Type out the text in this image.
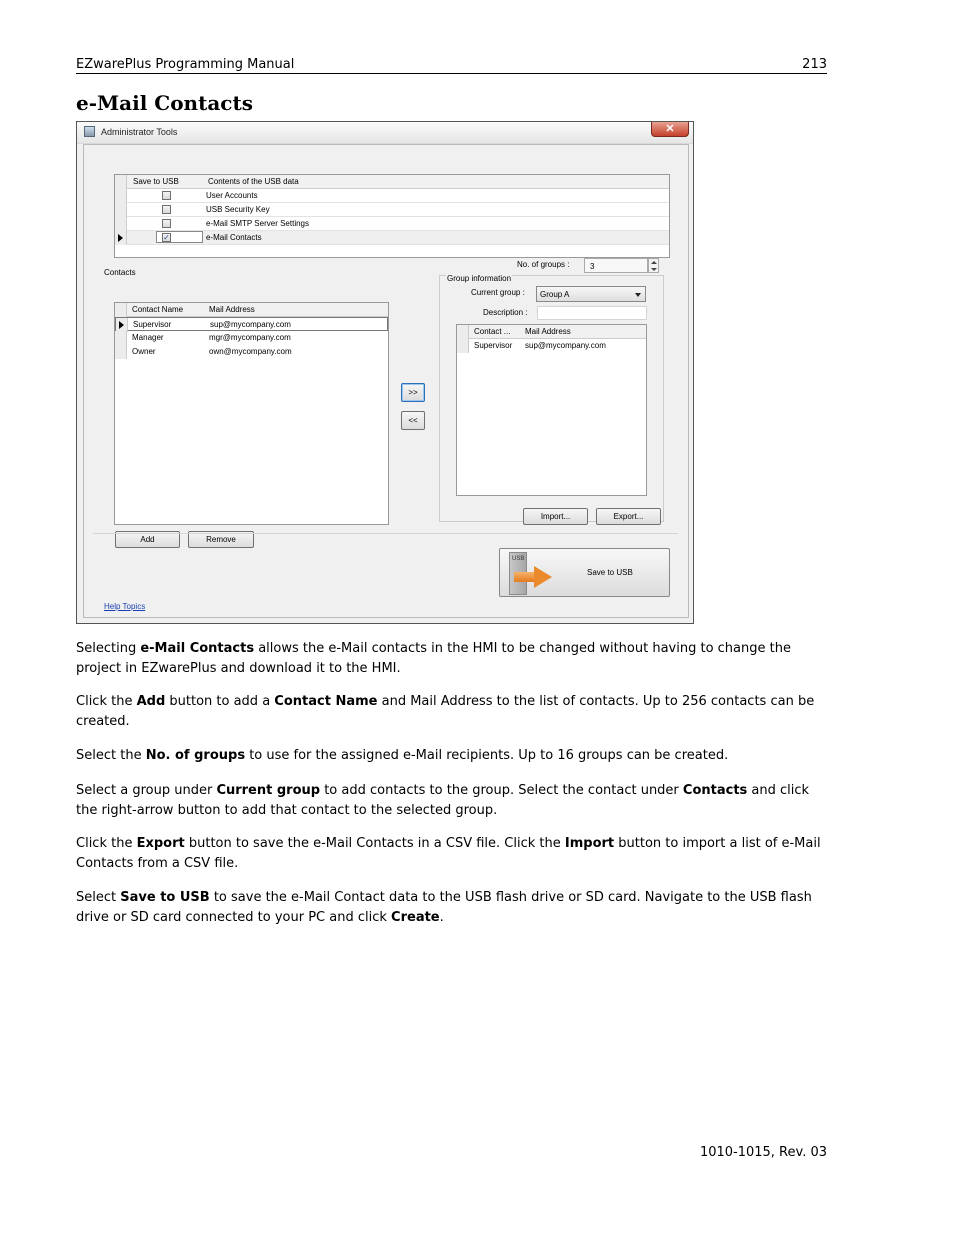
EZwarePlus Programming Manual	213
e-Mail Contacts
Administrator Tools	✕
Save to USB	Contents of the USB data
User Accounts
USB Security Key
e-Mail SMTP Server Settings
✓	e-Mail Contacts
Contacts
Contact Name	Mail Address
Supervisor	sup@mycompany.com
Manager	mgr@mycompany.com
Owner	own@mycompany.com
Add	Remove
>>
<<
Group information
No. of groups :	3
Current group :	Group A
Description :
Contact ... Mail Address
Supervisor sup@mycompany.com
Import...	Export...
USB
Save to USB
Help Topics

Selecting e-Mail Contacts allows the e-Mail contacts in the HMI to be changed without having to change the project in EZwarePlus and download it to the HMI.

Click the Add button to add a Contact Name and Mail Address to the list of contacts. Up to 256 contacts can be created.

Select the No. of groups to use for the assigned e-Mail recipients. Up to 16 groups can be created.

Select a group under Current group to add contacts to the group. Select the contact under Contacts and click the right-arrow button to add that contact to the selected group.

Click the Export button to save the e-Mail Contacts in a CSV file. Click the Import button to import a list of e-Mail Contacts from a CSV file.

Select Save to USB to save the e-Mail Contact data to the USB flash drive or SD card. Navigate to the USB flash drive or SD card connected to your PC and click Create.

1010-1015, Rev. 03
